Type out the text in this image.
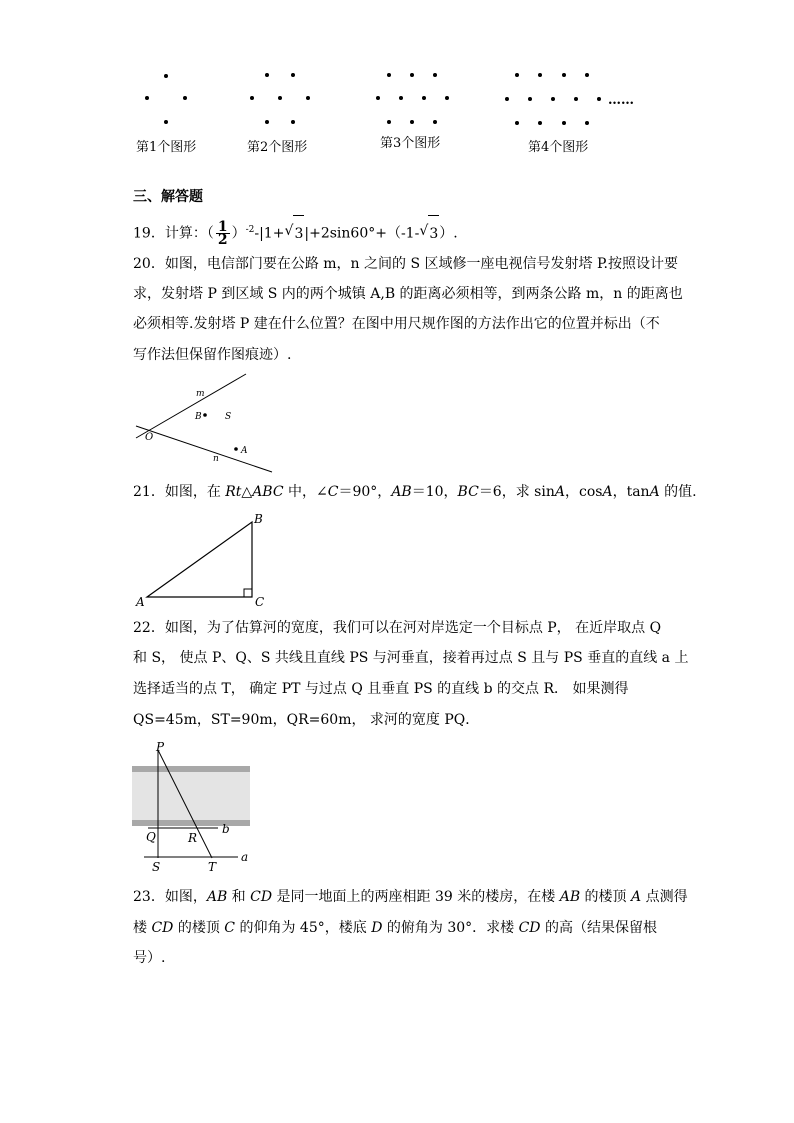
……
第1个图形	第2个图形	第3个图形	第4个图形
三、解答题
19．计算：（ $\frac{1}{2} )^{-2}-|1+√$ 3|+2sin60°+（-1-√ 3）.
20．如图，电信部门要在公路 m，n 之间的 S 区域修一座电视信号发射塔 P.按照设计要
求，发射塔 P 到区域 S 内的两个城镇 A,B 的距离必须相等，到两条公路 m，n 的距离也
必须相等.发射塔 P 建在什么位置？在图中用尺规作图的方法作出它的位置并标出（不
写作法但保留作图痕迹）.
m
B	S
O
A
n
21．如图，在 Rt△ABC 中，∠C＝90°，AB＝10，BC＝6，求 sinA，cosA，tanA 的值.
B
A	C
22．如图，为了估算河的宽度，我们可以在河对岸选定一个目标点 P， 在近岸取点 Q
和 S， 使点 P、Q、S 共线且直线 PS 与河垂直，接着再过点 S 且与 PS 垂直的直线 a 上
选择适当的点 T， 确定 PT 与过点 Q 且垂直 PS 的直线 b 的交点 R． 如果测得
QS=45m，ST=90m，QR=60m， 求河的宽度 PQ．
P
Q	R
b
S	T
a
23．如图，AB 和 CD 是同一地面上的两座相距 39 米的楼房，在楼 AB 的楼顶 A 点测得
楼 CD 的楼顶 C 的仰角为 45°，楼底 D 的俯角为 30°．求楼 CD 的高（结果保留根
号）.
